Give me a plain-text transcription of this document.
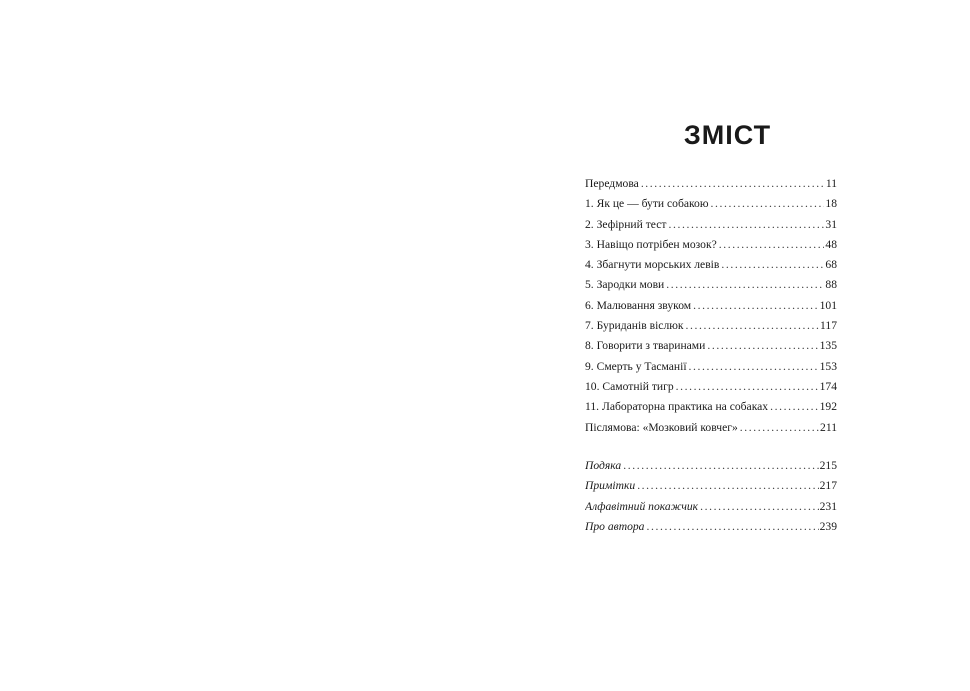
ЗМІСТ
Передмова .....	11
1. Як це — бути собакою .....	18
2. Зефірний тест .....	31
3. Навіщо потрібен мозок? .....	48
4. Збагнути морських левів .....	68
5. Зародки мови .....	88
6. Малювання звуком .....	101
7. Буриданів віслюк .....	117
8. Говорити з тваринами .....	135
9. Смерть у Тасманії .....	153
10. Самотній тигр .....	174
11. Лабораторна практика на собаках .....	192
Післямова: «Мозковий ковчег» .....	211
Подяка .....	215
Примітки .....	217
Алфавітний покажчик .....	231
Про автора .....	239
